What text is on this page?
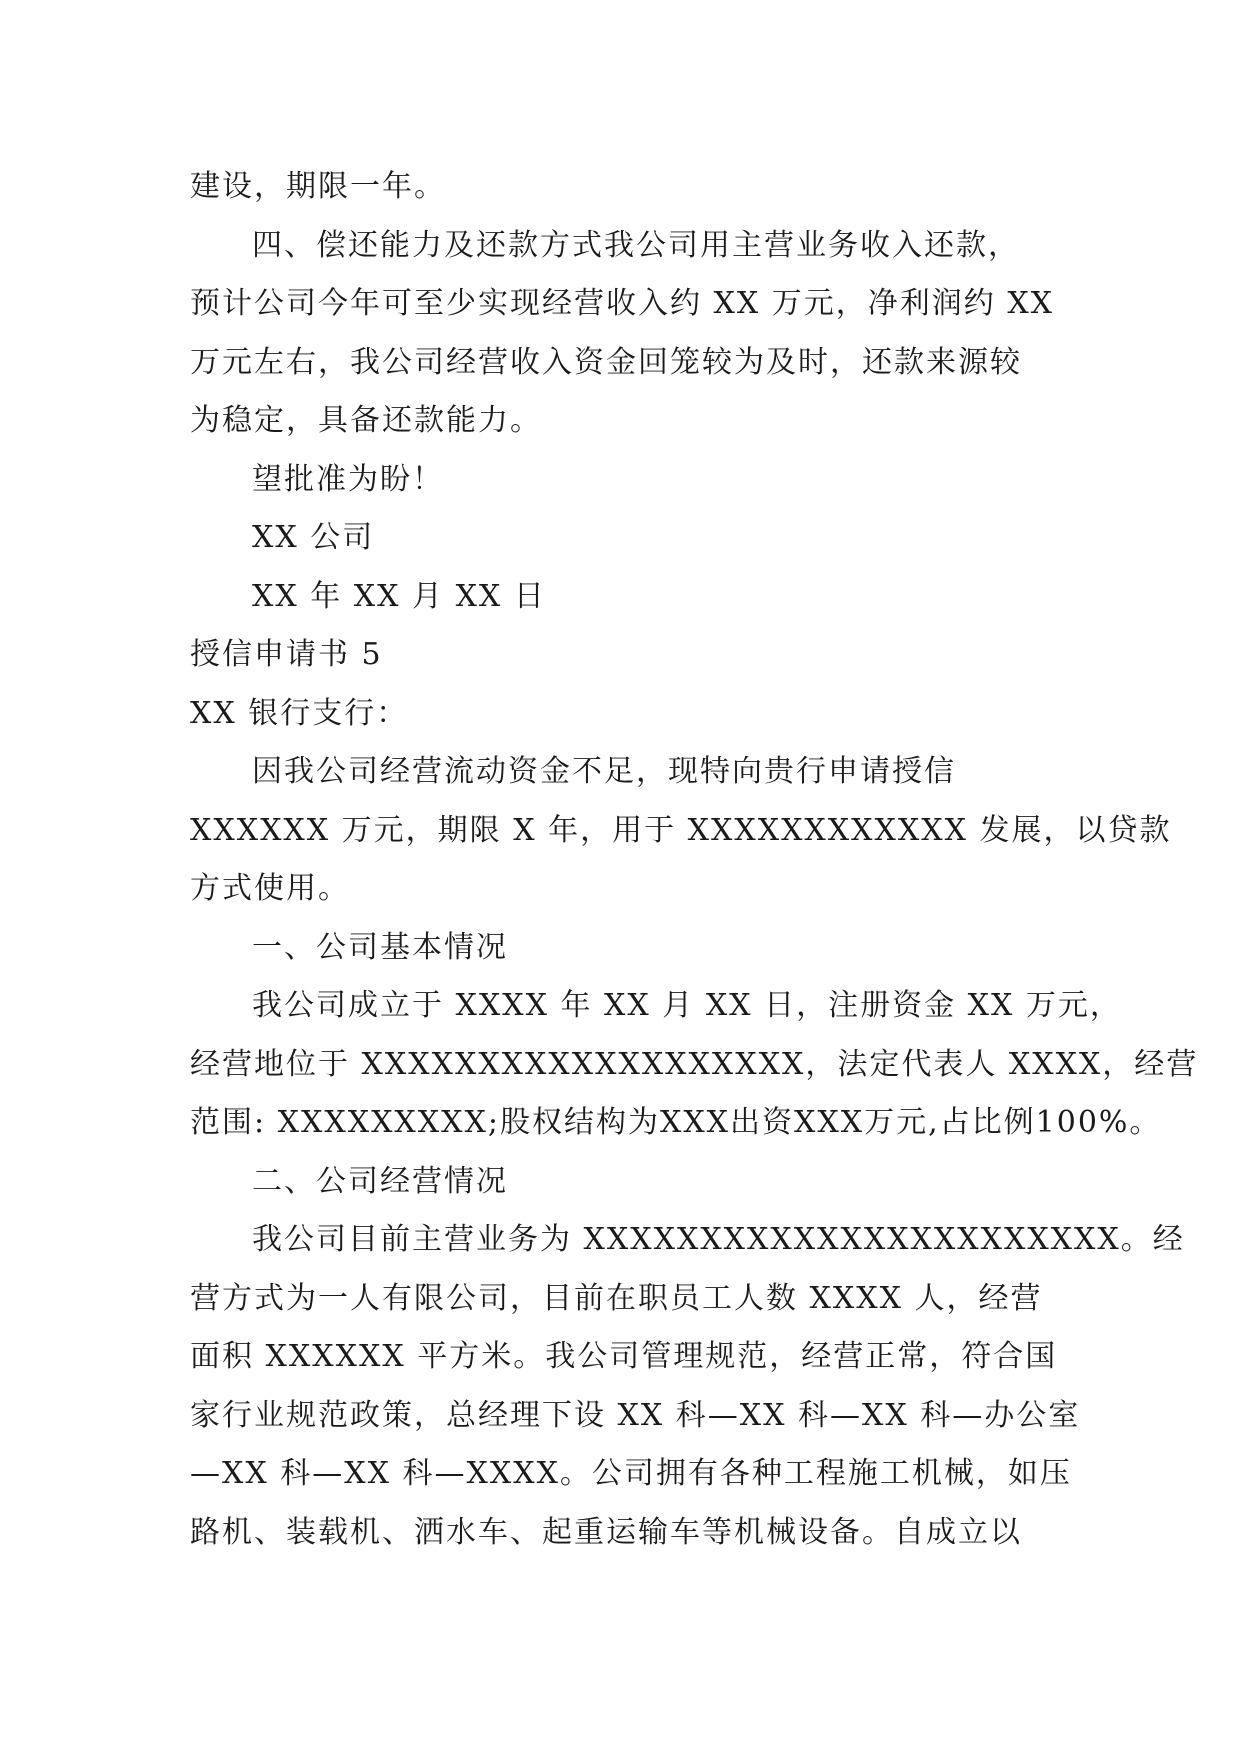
建设，期限一年。
四、偿还能力及还款方式我公司用主营业务收入还款，
预计公司今年可至少实现经营收入约 XX 万元，净利润约 XX
万元左右，我公司经营收入资金回笼较为及时，还款来源较
为稳定，具备还款能力。
望批准为盼！
XX 公司
XX 年 XX 月 XX 日
授信申请书 5
XX 银行支行：
因我公司经营流动资金不足，现特向贵行申请授信
XXXXXX 万元，期限 X 年，用于 XXXXXXXXXXXX 发展，以贷款
方式使用。
一、公司基本情况
我公司成立于 XXXX 年 XX 月 XX 日，注册资金 XX 万元，
经营地位于 XXXXXXXXXXXXXXXXXXX，法定代表人 XXXX，经营
范围: XXXXXXXXX;股权结构为XXX出资XXX万元,占比例100%。
二、公司经营情况
我公司目前主营业务为 XXXXXXXXXXXXXXXXXXXXXXX。经
营方式为一人有限公司，目前在职员工人数 XXXX 人，经营
面积 XXXXXX 平方米。我公司管理规范，经营正常，符合国
家行业规范政策，总经理下设 XX 科—XX 科—XX 科—办公室
—XX 科—XX 科—XXXX。公司拥有各种工程施工机械，如压
路机、装载机、洒水车、起重运输车等机械设备。自成立以
